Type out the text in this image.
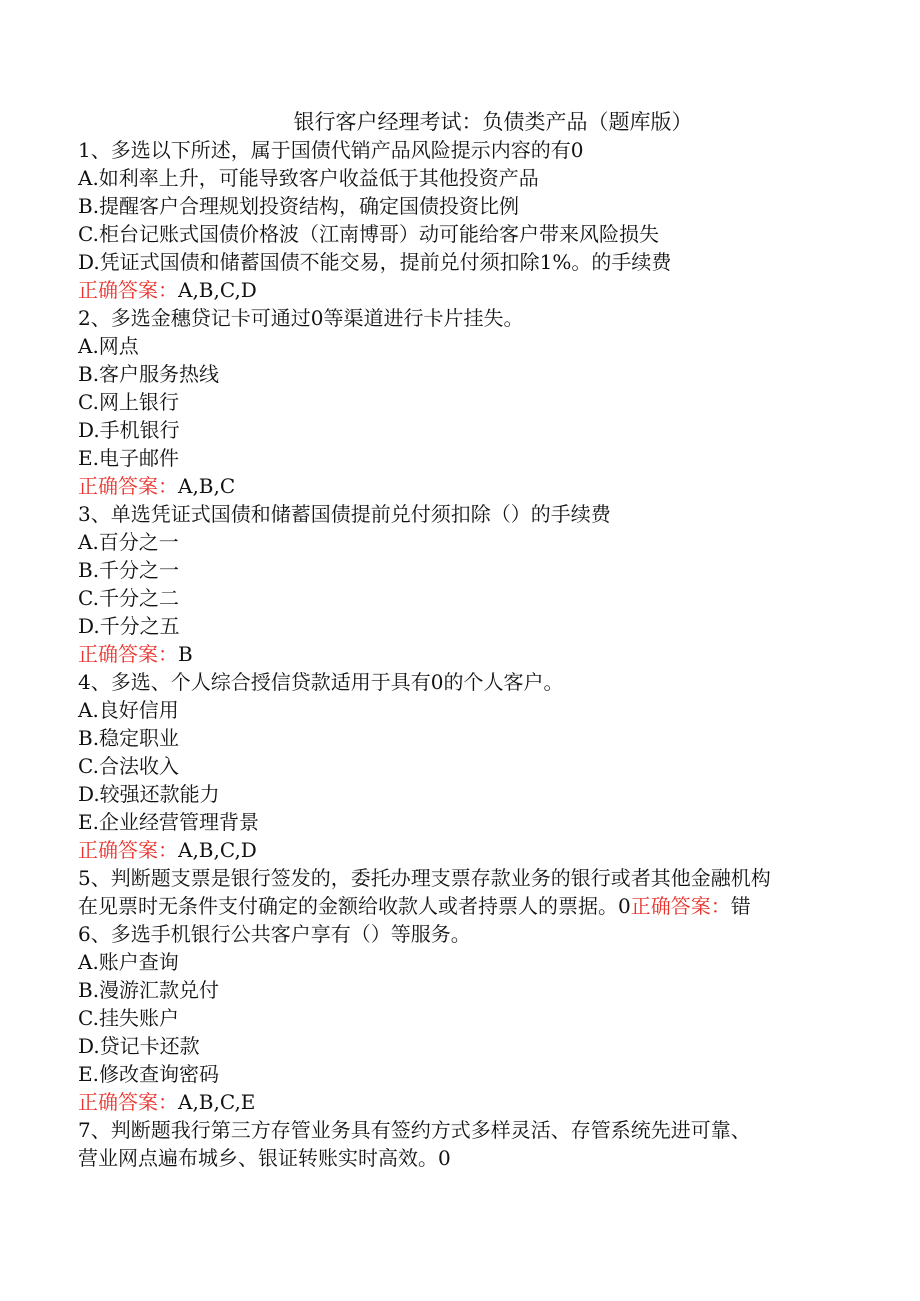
银行客户经理考试：负债类产品（题库版）
1、多选以下所述，属于国债代销产品风险提示内容的有0
A.如利率上升，可能导致客户收益低于其他投资产品
B.提醒客户合理规划投资结构，确定国债投资比例
C.柜台记账式国债价格波（江南博哥）动可能给客户带来风险损失
D.凭证式国债和储蓄国债不能交易，提前兑付须扣除1%。的手续费
正确答案：A,B,C,D
2、多选金穗贷记卡可通过0等渠道进行卡片挂失。
A.网点
B.客户服务热线
C.网上银行
D.手机银行
E.电子邮件
正确答案：A,B,C
3、单选凭证式国债和储蓄国债提前兑付须扣除（）的手续费
A.百分之一
B.千分之一
C.千分之二
D.千分之五
正确答案：B
4、多选、个人综合授信贷款适用于具有0的个人客户。
A.良好信用
B.稳定职业
C.合法收入
D.较强还款能力
E.企业经营管理背景
正确答案：A,B,C,D
5、判断题支票是银行签发的，委托办理支票存款业务的银行或者其他金融机构
在见票时无条件支付确定的金额给收款人或者持票人的票据。0正确答案：错
6、多选手机银行公共客户享有（）等服务。
A.账户查询
B.漫游汇款兑付
C.挂失账户
D.贷记卡还款
E.修改查询密码
正确答案：A,B,C,E
7、判断题我行第三方存管业务具有签约方式多样灵活、存管系统先进可靠、
营业网点遍布城乡、银证转账实时高效。0
